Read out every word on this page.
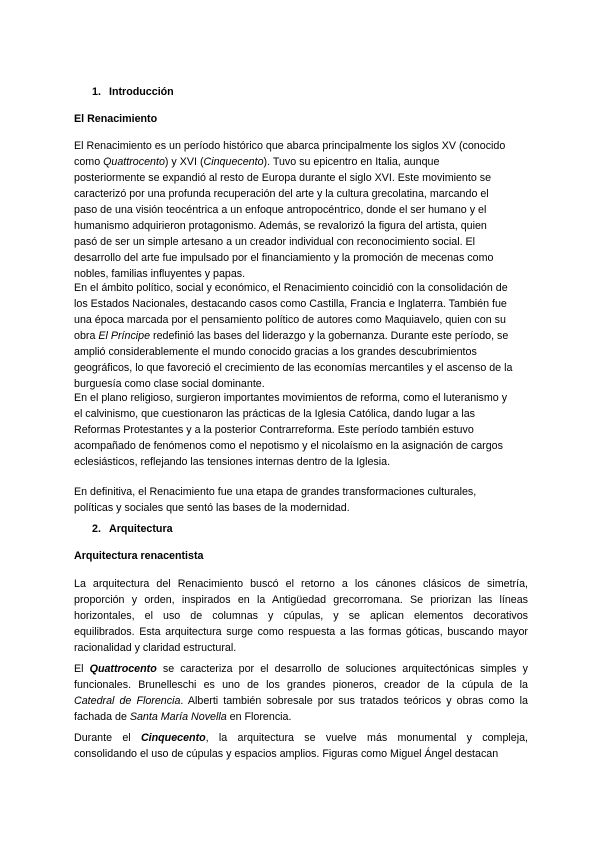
1. Introducción
El Renacimiento
El Renacimiento es un período histórico que abarca principalmente los siglos XV (conocido
como Quattrocento) y XVI (Cinquecento). Tuvo su epicentro en Italia, aunque
posteriormente se expandió al resto de Europa durante el siglo XVI. Este movimiento se
caracterizó por una profunda recuperación del arte y la cultura grecolatina, marcando el
paso de una visión teocéntrica a un enfoque antropocéntrico, donde el ser humano y el
humanismo adquirieron protagonismo. Además, se revalorizó la figura del artista, quien
pasó de ser un simple artesano a un creador individual con reconocimiento social. El
desarrollo del arte fue impulsado por el financiamiento y la promoción de mecenas como
nobles, familias influyentes y papas.
En el ámbito político, social y económico, el Renacimiento coincidió con la consolidación de
los Estados Nacionales, destacando casos como Castilla, Francia e Inglaterra. También fue
una época marcada por el pensamiento político de autores como Maquiavelo, quien con su
obra El Príncipe redefinió las bases del liderazgo y la gobernanza. Durante este período, se
amplió considerablemente el mundo conocido gracias a los grandes descubrimientos
geográficos, lo que favoreció el crecimiento de las economías mercantiles y el ascenso de la
burguesía como clase social dominante.
En el plano religioso, surgieron importantes movimientos de reforma, como el luteranismo y
el calvinismo, que cuestionaron las prácticas de la Iglesia Católica, dando lugar a las
Reformas Protestantes y a la posterior Contrarreforma. Este período también estuvo
acompañado de fenómenos como el nepotismo y el nicolaísmo en la asignación de cargos
eclesiásticos, reflejando las tensiones internas dentro de la Iglesia.
En definitiva, el Renacimiento fue una etapa de grandes transformaciones culturales,
políticas y sociales que sentó las bases de la modernidad.
2. Arquitectura
Arquitectura renacentista
La arquitectura del Renacimiento buscó el retorno a los cánones clásicos de simetría,
proporción y orden, inspirados en la Antigüedad grecorromana. Se priorizan las líneas
horizontales, el uso de columnas y cúpulas, y se aplican elementos decorativos
equilibrados. Esta arquitectura surge como respuesta a las formas góticas, buscando mayor
racionalidad y claridad estructural.
El Quattrocento se caracteriza por el desarrollo de soluciones arquitectónicas simples y
funcionales. Brunelleschi es uno de los grandes pioneros, creador de la cúpula de la
Catedral de Florencia. Alberti también sobresale por sus tratados teóricos y obras como la
fachada de Santa María Novella en Florencia.
Durante el Cinquecento, la arquitectura se vuelve más monumental y compleja,
consolidando el uso de cúpulas y espacios amplios. Figuras como Miguel Ángel destacan
